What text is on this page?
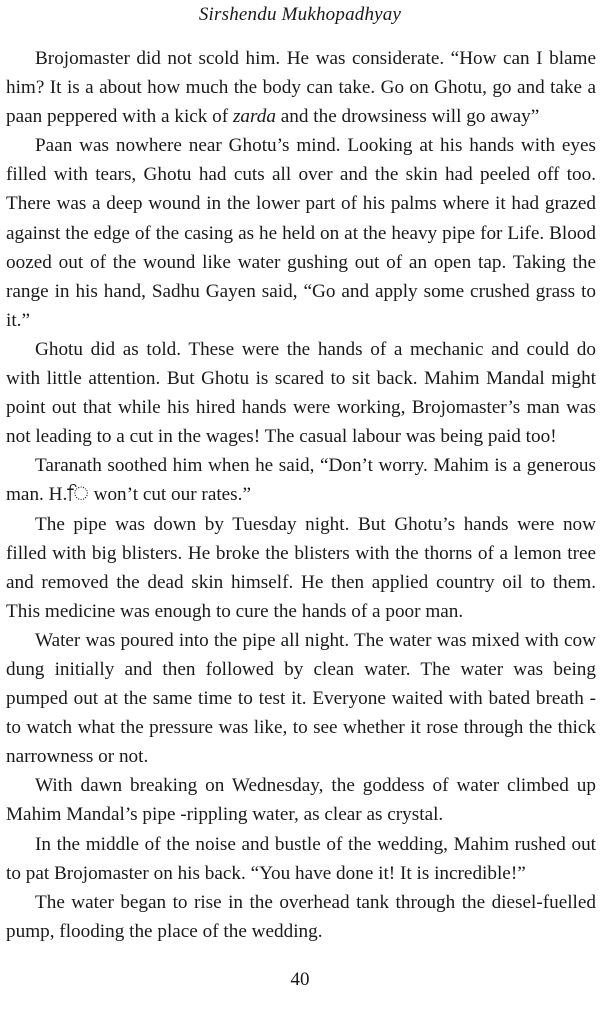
Sirshendu Mukhopadhyay

Brojomaster did not scold him. He was considerate. “How can I blame him? It is a about how much the body can take. Go on Ghotu, go and take a paan peppered with a kick of zarda and the drowsiness will go away”

Paan was nowhere near Ghotu’s mind. Looking at his hands with eyes filled with tears, Ghotu had cuts all over and the skin had peeled off too. There was a deep wound in the lower part of his palms where it had grazed against the edge of the casing as he held on at the heavy pipe for Life. Blood oozed out of the wound like water gushing out of an open tap. Taking the range in his hand, Sadhu Gayen said, “Go and apply some crushed grass to it.”

Ghotu did as told. These were the hands of a mechanic and could do with little attention. But Ghotu is scared to sit back. Mahim Mandal might point out that while his hired hands were working, Brojomaster’s man was not leading to a cut in the wages! The casual labour was being paid too!

Taranath soothed him when he said, “Don’t worry. Mahim is a generous man. H.ਿ won’t cut our rates.”

The pipe was down by Tuesday night. But Ghotu’s hands were now filled with big blisters. He broke the blisters with the thorns of a lemon tree and removed the dead skin himself. He then applied country oil to them. This medicine was enough to cure the hands of a poor man.

Water was poured into the pipe all night. The water was mixed with cow dung initially and then followed by clean water. The water was being pumped out at the same time to test it. Everyone waited with bated breath - to watch what the pressure was like, to see whether it rose through the thick narrowness or not.

With dawn breaking on Wednesday, the goddess of water climbed up Mahim Mandal’s pipe -rippling water, as clear as crystal.

In the middle of the noise and bustle of the wedding, Mahim rushed out to pat Brojomaster on his back. “You have done it! It is incredible!”

The water began to rise in the overhead tank through the diesel-fuelled pump, flooding the place of the wedding.

40
